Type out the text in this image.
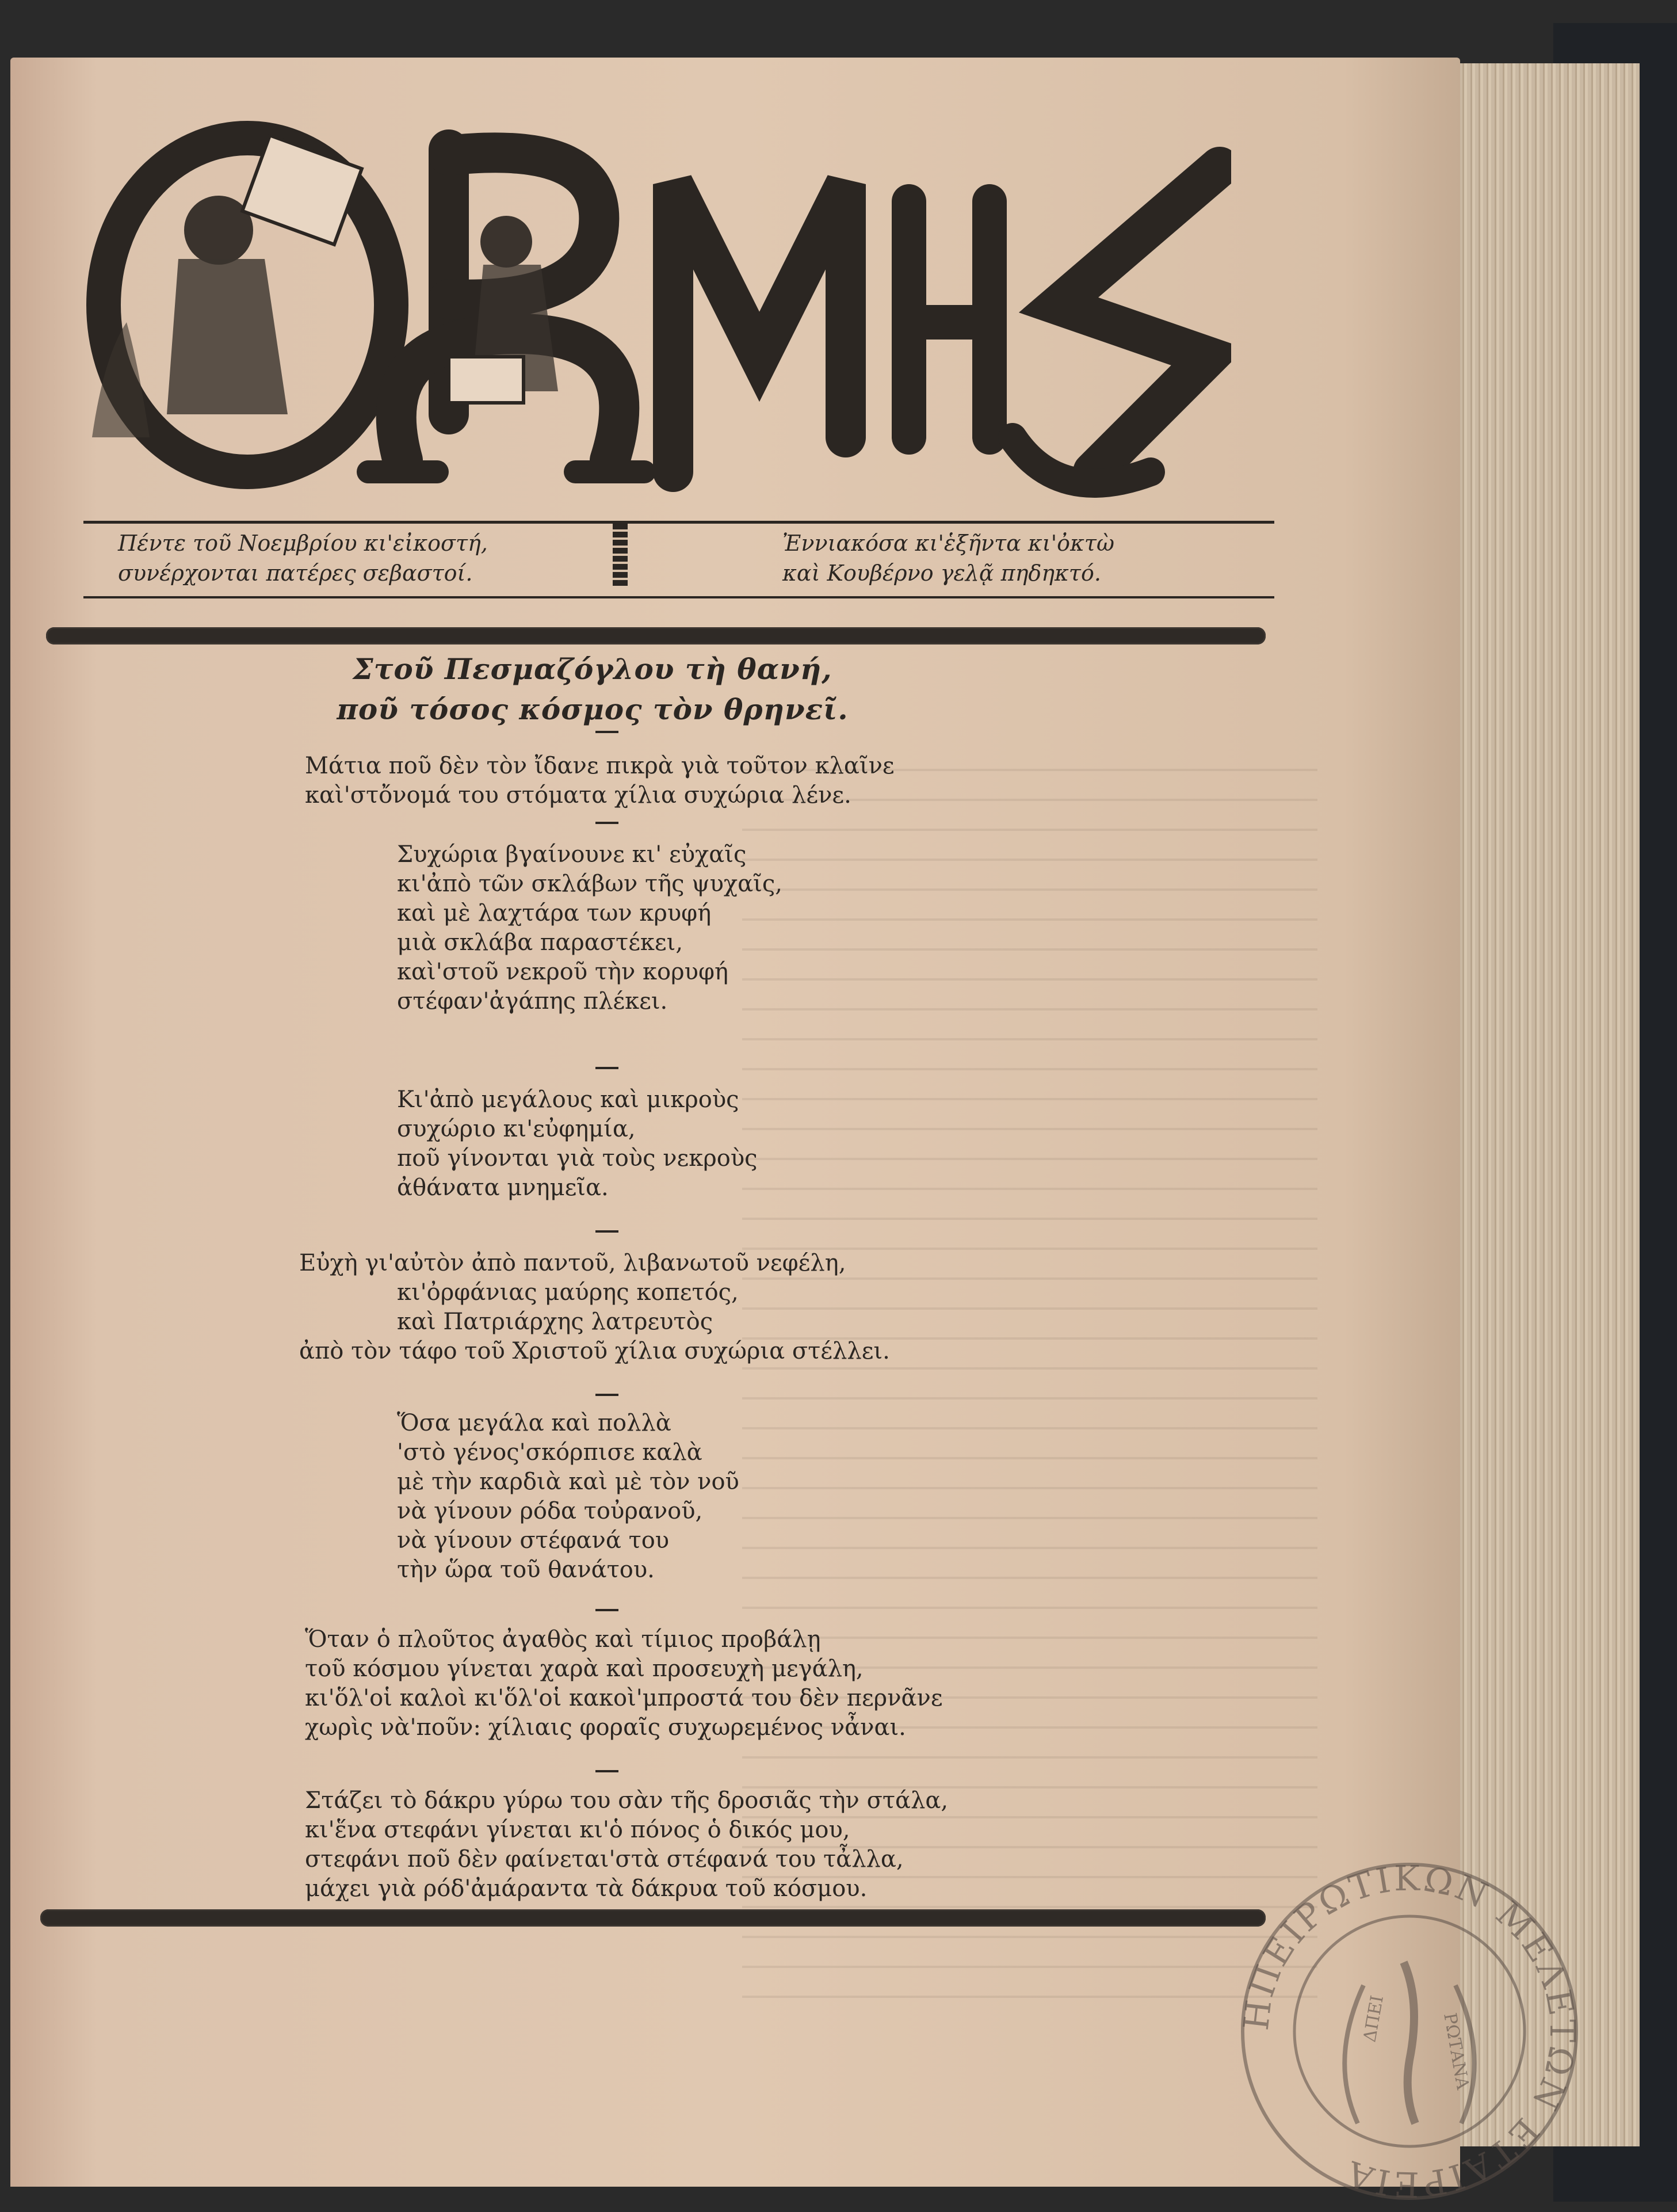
Πέντε τοῦ Νοεμβρίου κι'εἰκοστή,
συνέρχονται πατέρες σεβαστοί.
Ἐννιακόσα κι'ἑξῆντα κι'ὀκτὼ
καὶ Κουβέρνο γελᾷ πηδηκτό.
Στοῦ Πεσμαζόγλου τὴ θανή,
ποῦ τόσος κόσμος τὸν θρηνεῖ.
Μάτια ποῦ δὲν τὸν ἴδανε πικρὰ γιὰ τοῦτον κλαῖνε
καὶ'στὄνομά του στόματα χίλια συχώρια λένε.
Συχώρια βγαίνουνε κι' εὐχαῖς
κι'ἀπὸ τῶν σκλάβων τῆς ψυχαῖς,
καὶ μὲ λαχτάρα των κρυφή
μιὰ σκλάβα παραστέκει,
καὶ'στοῦ νεκροῦ τὴν κορυφή
στέφαν'ἀγάπης πλέκει.
Κι'ἀπὸ μεγάλους καὶ μικροὺς
συχώριο κι'εὐφημία,
ποῦ γίνονται γιὰ τοὺς νεκροὺς
ἀθάνατα μνημεῖα.
Εὐχὴ γι'αὐτὸν ἀπὸ παντοῦ, λιβανωτοῦ νεφέλη,
κι'ὀρφάνιας μαύρης κοπετός,
καὶ Πατριάρχης λατρευτὸς
ἀπὸ τὸν τάφο τοῦ Χριστοῦ χίλια συχώρια στέλλει.
Ὅσα μεγάλα καὶ πολλὰ
'στὸ γένος'σκόρπισε καλὰ
μὲ τὴν καρδιὰ καὶ μὲ τὸν νοῦ
νὰ γίνουν ρόδα τοὐρανοῦ,
νὰ γίνουν στέφανά του
τὴν ὥρα τοῦ θανάτου.
Ὅταν ὁ πλοῦτος ἀγαθὸς καὶ τίμιος προβάλῃ
τοῦ κόσμου γίνεται χαρὰ καὶ προσευχὴ μεγάλη,
κι'ὅλ'οἱ καλοὶ κι'ὅλ'οἱ κακοὶ'μπροστά του δὲν περνᾶνε
χωρὶς νὰ'ποῦν: χίλιαις φοραῖς συχωρεμένος νἆναι.
Στάζει τὸ δάκρυ γύρω του σὰν τῆς δροσιᾶς τὴν στάλα,
κι'ἕνα στεφάνι γίνεται κι'ὁ πόνος ὁ δικός μου,
στεφάνι ποῦ δὲν φαίνεται'στὰ στέφανά του τἆλλα,
μάχει γιὰ ρόδ'ἀμάραντα τὰ δάκρυα τοῦ κόσμου.
ΗΠΕΙΡΩΤΙΚΩΝ ΜΕΛΕΤΩΝ ΕΤΑΙΡΕΙΑ
ΔΠΕΙ	ΡΩΤΑΝΑ
